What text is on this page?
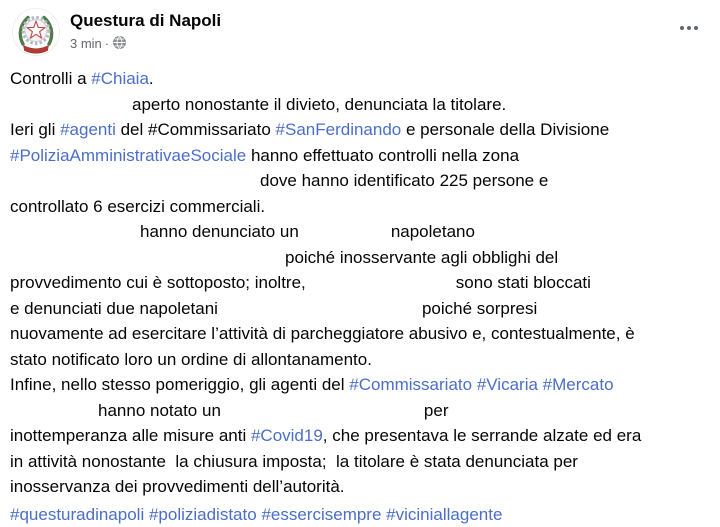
Questura di Napoli
3 min ·
Controlli a #Chiaia.
aperto nonostante il divieto, denunciata la titolare.
Ieri gli #agenti del #Commissariato #SanFerdinando e personale della Divisione
#PoliziaAmministrativaeSociale hanno effettuato controlli nella zona
dove hanno identificato 225 persone e
controllato 6 esercizi commerciali.
hanno denunciato un	napoletano
poiché inosservante agli obblighi del
provvedimento cui è sottoposto; inoltre,	sono stati bloccati
e denunciati due napoletani	poiché sorpresi
nuovamente ad esercitare l’attività di parcheggiatore abusivo e, contestualmente, è
stato notificato loro un ordine di allontanamento.
Infine, nello stesso pomeriggio, gli agenti del #Commissariato #Vicaria #Mercato
hanno notato un	per
inottemperanza alle misure anti #Covid19, che presentava le serrande alzate ed era
in attività nonostante  la chiusura imposta;  la titolare è stata denunciata per
inosservanza dei provvedimenti dell’autorità.
#questuradinapoli #poliziadistato #essercisempre #viciniallagente
